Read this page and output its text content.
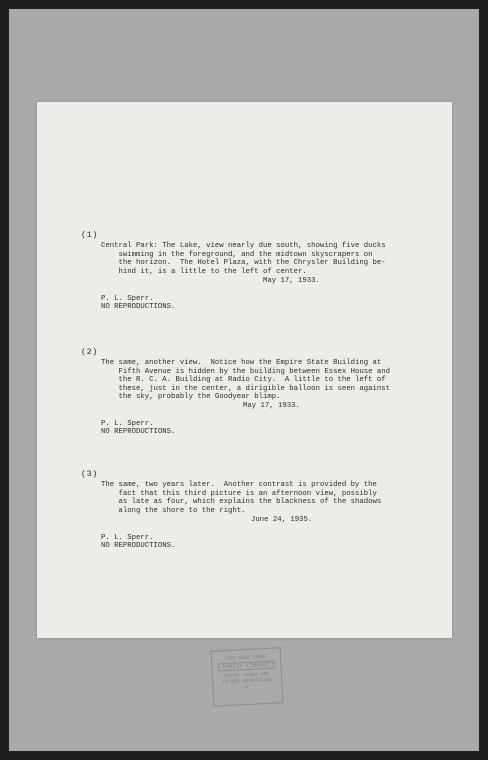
(1)
Central Park: The Lake, view nearly due south, showing five ducks
swimming in the foreground, and the midtown skyscrapers on
the horizon.  The Hotel Plaza, with the Chrysler Building be-
hind it, is a little to the left of center.
May 17, 1933.
P. L. Sperr.
NO REPRODUCTIONS.
(2)
The same, another view.  Notice how the Empire State Building at
Fifth Avenue is hidden by the building between Essex House and
the R. C. A. Building at Radio City.  A little to the left of
these, just in the center, a dirigible balloon is seen against
the sky, probably the Goodyear blimp.
May 17, 1933.
P. L. Sperr.
NO REPRODUCTIONS.
(3)
The same, two years later.  Another contrast is provided by the
fact that this third picture is an afternoon view, possibly
as late as four, which explains the blackness of the shadows
along the shore to the right.
June 24, 1935.
P. L. Sperr.
NO REPRODUCTIONS.
THE NEW YORK
PUBLIC LIBRARY
ASTOR, LENOX AND
TILDEN FOUNDATIONS
R
